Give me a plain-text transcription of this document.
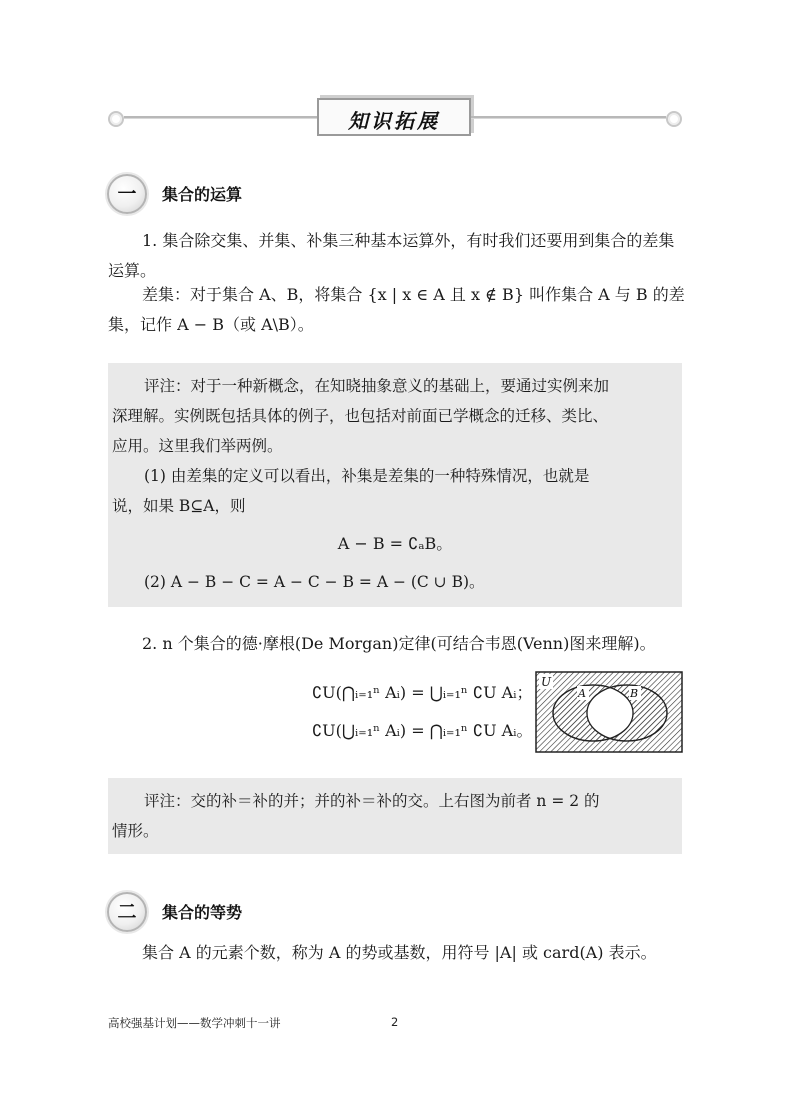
知识拓展
一	集合的运算
1. 集合除交集、并集、补集三种基本运算外，有时我们还要用到集合的差集运算。
差集：对于集合 A、B，将集合 {x | x ∈ A 且 x ∉ B} 叫作集合 A 与 B 的差集，记作 A − B（或 A\B）。
评注：对于一种新概念，在知晓抽象意义的基础上，要通过实例来加
深理解。实例既包括具体的例子，也包括对前面已学概念的迁移、类比、
应用。这里我们举两例。
(1) 由差集的定义可以看出，补集是差集的一种特殊情况，也就是
说，如果 B⊆A，则
A − B = ∁ₐB。
(2) A − B − C = A − C − B = A − (C ∪ B)。
2. n 个集合的德·摩根(De Morgan)定律(可结合韦恩(Venn)图来理解)。
∁U(⋂ᵢ₌₁ⁿ Aᵢ) = ⋃ᵢ₌₁ⁿ ∁U Aᵢ；
∁U(⋃ᵢ₌₁ⁿ Aᵢ) = ⋂ᵢ₌₁ⁿ ∁U Aᵢ。
U
A	B
评注：交的补＝补的并；并的补＝补的交。上右图为前者 n = 2 的
情形。
二	集合的等势
集合 A 的元素个数，称为 A 的势或基数，用符号 |A| 或 card(A) 表示。
高校强基计划——数学冲刺十一讲	2
